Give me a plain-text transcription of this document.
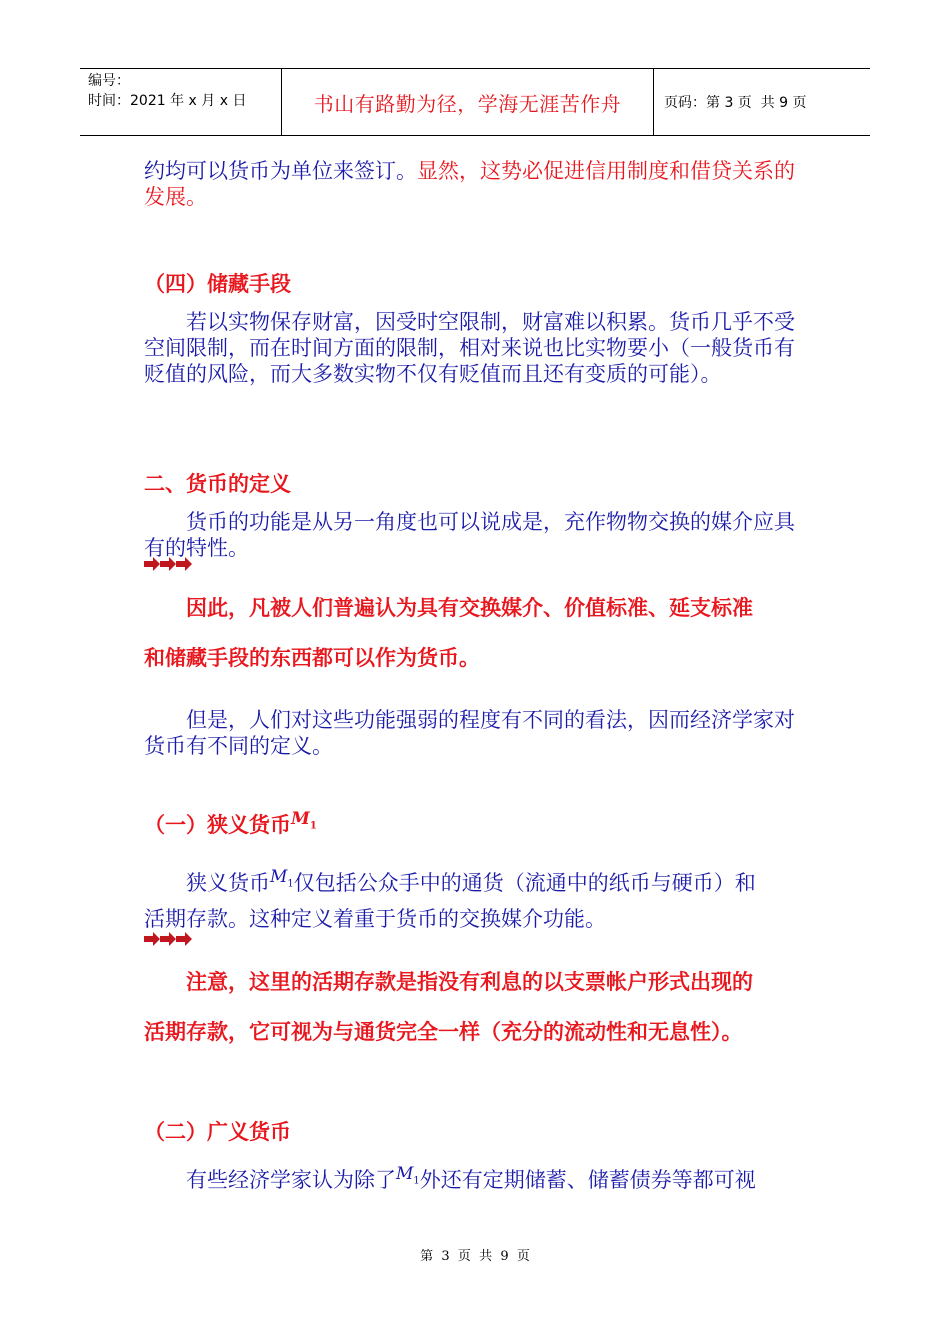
编号：
时间：2021 年 x 月 x 日	书山有路勤为径，学海无涯苦作舟	页码：第 3 页  共 9 页

约均可以货币为单位来签订。显然，这势必促进信用制度和借贷关系的发展。

（四）储藏手段

若以实物保存财富，因受时空限制，财富难以积累。货币几乎不受空间限制，而在时间方面的限制，相对来说也比实物要小（一般货币有贬值的风险，而大多数实物不仅有贬值而且还有变质的可能）。

二、货币的定义

货币的功能是从另一角度也可以说成是，充作物物交换的媒介应具有的特性。

因此，凡被人们普遍认为具有交换媒介、价值标准、延支标准

和储藏手段的东西都可以作为货币。

但是，人们对这些功能强弱的程度有不同的看法，因而经济学家对货币有不同的定义。

（一）狭义货币$^{M_1}$

狭义货币$^{M_1}$仅包括公众手中的通货（流通中的纸币与硬币）和

活期存款。这种定义着重于货币的交换媒介功能。

注意，这里的活期存款是指没有利息的以支票帐户形式出现的

活期存款，它可视为与通货完全一样（充分的流动性和无息性）。

（二）广义货币

有些经济学家认为除了$^{M_1}$外还有定期储蓄、储蓄债券等都可视

第  3  页  共  9  页
